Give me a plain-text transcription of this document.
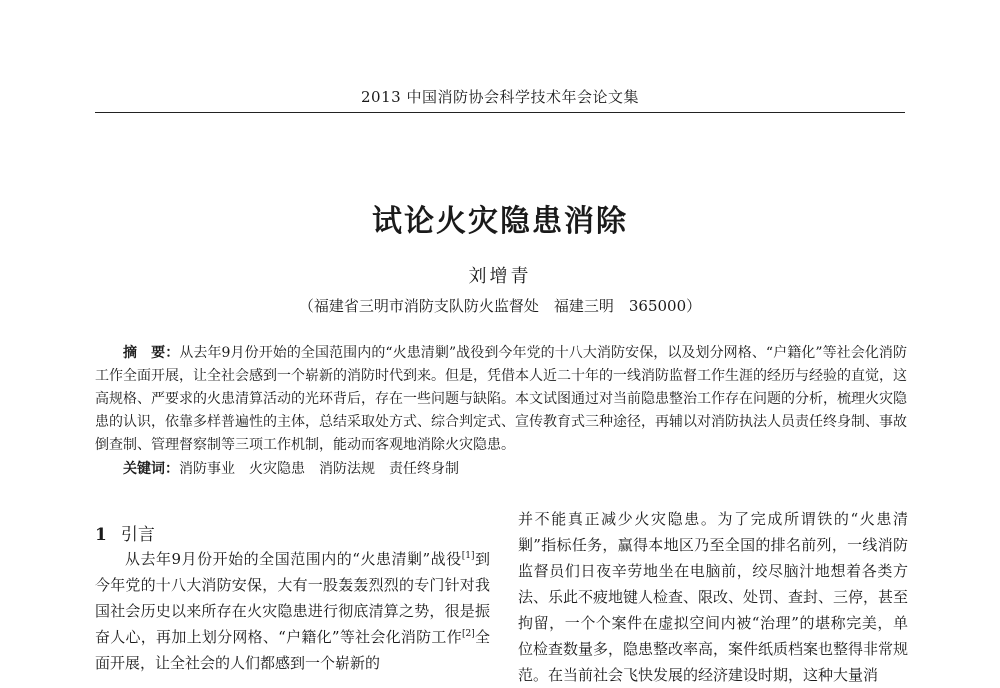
2013 中国消防协会科学技术年会论文集
试论火灾隐患消除
刘增青
（福建省三明市消防支队防火监督处　福建三明　365000）
摘　要：从去年9月份开始的全国范围内的“火患清剿”战役到今年党的十八大消防安保，以及划分网格、“户籍化”等社会化消防工作全面开展，让全社会感到一个崭新的消防时代到来。但是，凭借本人近二十年的一线消防监督工作生涯的经历与经验的直觉，这高规格、严要求的火患清算活动的光环背后，存在一些问题与缺陷。本文试图通过对当前隐患整治工作存在问题的分析，梳理火灾隐患的认识，依靠多样普遍性的主体，总结采取处方式、综合判定式、宣传教育式三种途径，再辅以对消防执法人员责任终身制、事故倒查制、管理督察制等三项工作机制，能动而客观地消除火灾隐患。
关键词：消防事业 火灾隐患 消防法规 责任终身制
1 引言
从去年9月份开始的全国范围内的“火患清剿”战役[1]到今年党的十八大消防安保，大有一股轰轰烈烈的专门针对我国社会历史以来所存在火灾隐患进行彻底清算之势，很是振奋人心，再加上划分网格、“户籍化”等社会化消防工作[2]全面开展，让全社会的人们都感到一个崭新的
并不能真正减少火灾隐患。为了完成所谓铁的“火患清剿”指标任务，赢得本地区乃至全国的排名前列，一线消防监督员们日夜辛劳地坐在电脑前，绞尽脑汁地想着各类方法、乐此不疲地键人检查、限改、处罚、查封、三停，甚至拘留，一个个案件在虚拟空间内被“治理”的堪称完美，单位检查数量多，隐患整改率高，案件纸质档案也整得非常规范。在当前社会飞快发展的经济建设时期，这种大量消
